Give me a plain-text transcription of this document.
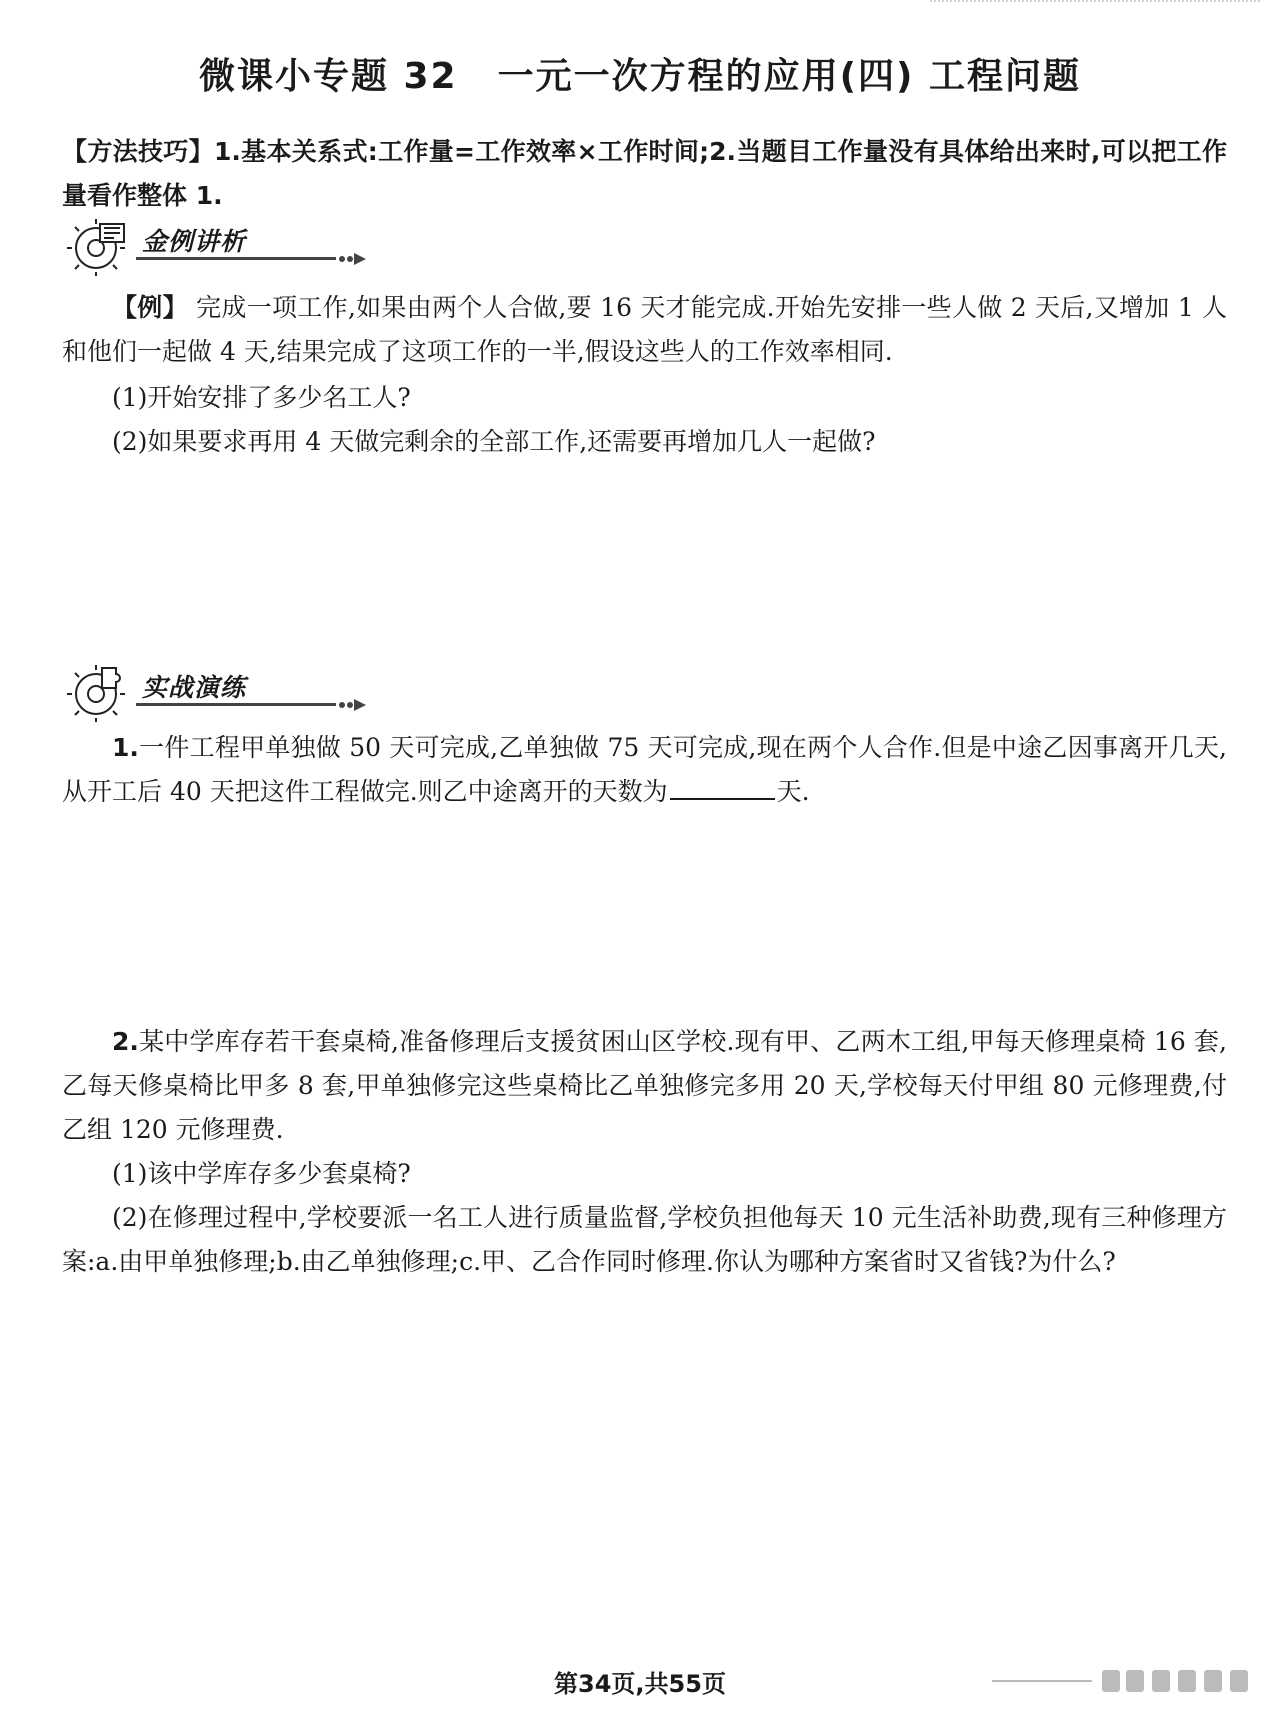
微课小专题 32 一元一次方程的应用(四) 工程问题
【方法技巧】1.基本关系式:工作量=工作效率×工作时间;2.当题目工作量没有具体给出来时,可以把工作量看作整体 1.
金例讲析
【例】 完成一项工作,如果由两个人合做,要 16 天才能完成.开始先安排一些人做 2 天后,又增加 1 人和他们一起做 4 天,结果完成了这项工作的一半,假设这些人的工作效率相同.
(1)开始安排了多少名工人?
(2)如果要求再用 4 天做完剩余的全部工作,还需要再增加几人一起做?
实战演练
1.一件工程甲单独做 50 天可完成,乙单独做 75 天可完成,现在两个人合作.但是中途乙因事离开几天,从开工后 40 天把这件工程做完.则乙中途离开的天数为	天.
2.某中学库存若干套桌椅,准备修理后支援贫困山区学校.现有甲、乙两木工组,甲每天修理桌椅 16 套,乙每天修桌椅比甲多 8 套,甲单独修完这些桌椅比乙单独修完多用 20 天,学校每天付甲组 80 元修理费,付乙组 120 元修理费.
(1)该中学库存多少套桌椅?
(2)在修理过程中,学校要派一名工人进行质量监督,学校负担他每天 10 元生活补助费,现有三种修理方案:a.由甲单独修理;b.由乙单独修理;c.甲、乙合作同时修理.你认为哪种方案省时又省钱?为什么?
第34页,共55页
